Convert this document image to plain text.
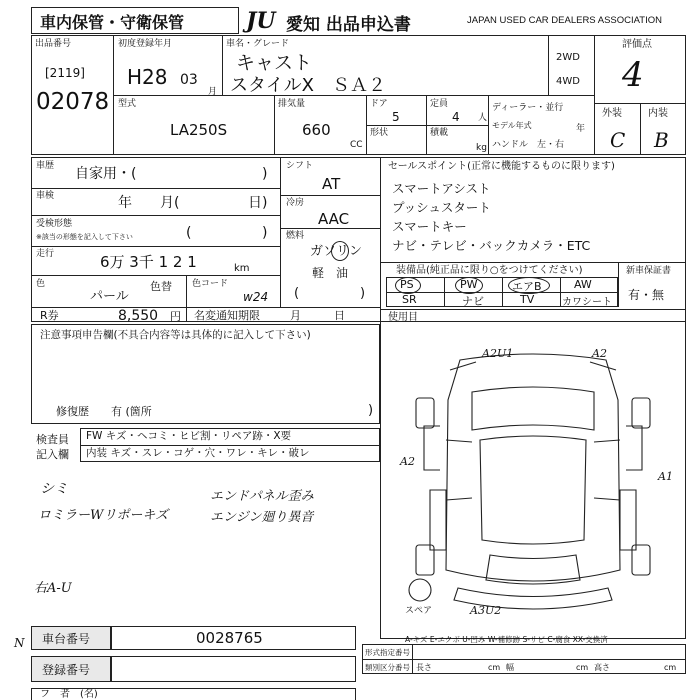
車内保管・守衛保管	JU 愛知 出品申込書	JAPAN USED CAR DEALERS ASSOCIATION
出品番号
[2119]
02078
初度登録年月
H28 03
月
車名・グレード
キャスト
スタイルX　ＳＡ２
2WD
4WD
評価点
4
外装	内装
C B
型式
LA250S
排気量
660
CC
ドア
5
定員
4 人
形状	積載
kg
ディーラー・並行
モデル年式	年
ハンドル　左・右
車歴 自家用・(	)
車検	年　　月(	日)
受検形態
※該当の形態を記入して下さい	(	)
走行	6万 3千 1 2 1	km
色
パール
色替 色コード
w24
シフト
AT
冷房
AAC
燃料
ガソリン
軽　油
(	)
セールスポイント(正常に機能するものに限ります)
スマートアシスト
プッシュスタート
スマートキー
ナビ・テレビ・バックカメラ・ETC
装備品(純正品に限り○をつけてください)
PS	PW	エアB	AW
SR	ナビ	TV	カワシート
新車保証書
有・無
R券	8,550 円 名変通知期限	月　　　日
注意事項申告欄(不具合内容等は具体的に記入して下さい)
修復歴　　有 (箇所	)
検査員記入欄
FW キズ・ヘコミ・ヒビ割・リペア跡・X要
内装 キズ・スレ・コゲ・穴・ワレ・キレ・破レ
シミ
ロミラーWリポーキズ
エンドパネル歪み
エンジン廻り異音
右A-U
使用目
A2U1	A2
A2
A1
A3U2
スペア
A-キズ E-エクボ U-凹み W-補修跡 S-サビ C-腐食 XX-交換済
N 車台番号	0028765
登録番号
形式指定番号
類別区分番号 長さ	cm 幅	cm 高さ	cm
フ　者　(名)
